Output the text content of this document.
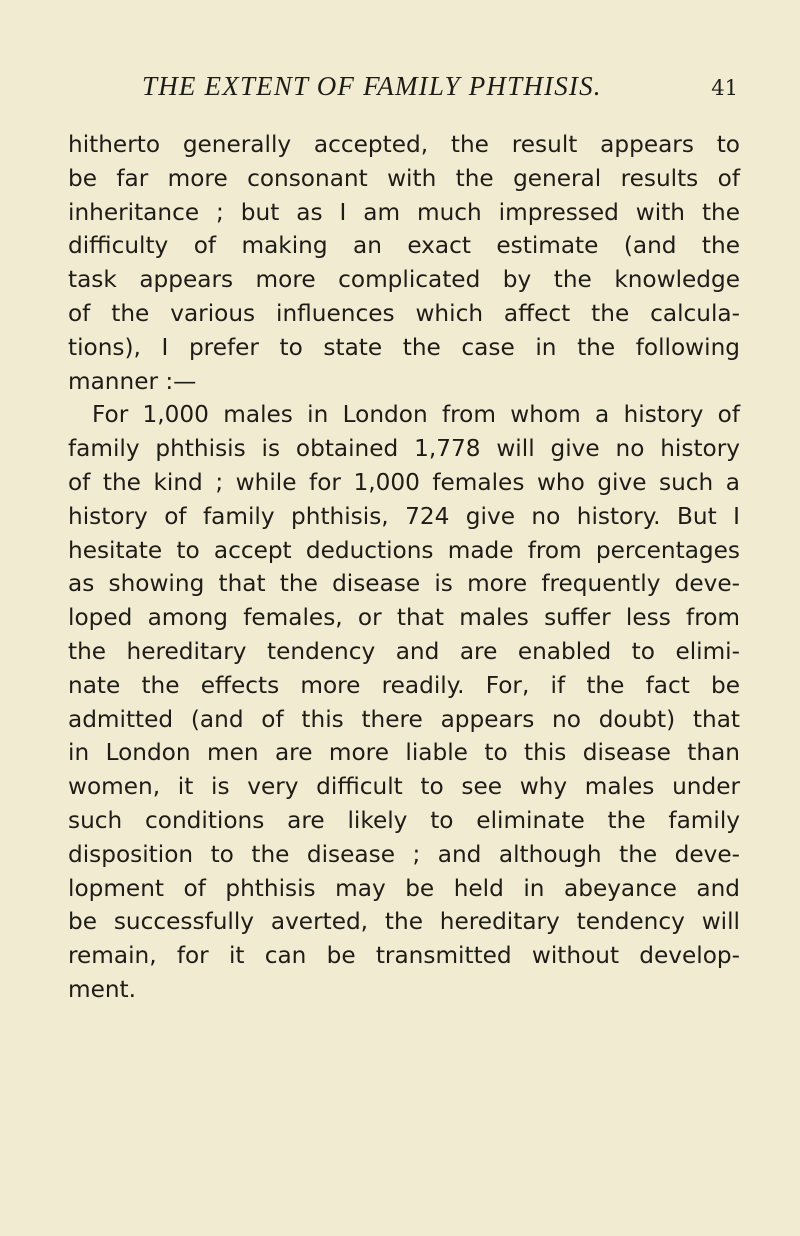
THE EXTENT OF FAMILY PHTHISIS.	41
hitherto generally accepted, the result appears to
be far more consonant with the general results of
inheritance ; but as I am much impressed with the
difficulty of making an exact estimate (and the
task appears more complicated by the knowledge
of the various influences which affect the calcula-
tions), I prefer to state the case in the following
manner :—
For 1,000 males in London from whom a history of
family phthisis is obtained 1,778 will give no history
of the kind ; while for 1,000 females who give such a
history of family phthisis, 724 give no history. But I
hesitate to accept deductions made from percentages
as showing that the disease is more frequently deve-
loped among females, or that males suffer less from
the hereditary tendency and are enabled to elimi-
nate the effects more readily. For, if the fact be
admitted (and of this there appears no doubt) that
in London men are more liable to this disease than
women, it is very difficult to see why males under
such conditions are likely to eliminate the family
disposition to the disease ; and although the deve-
lopment of phthisis may be held in abeyance and
be successfully averted, the hereditary tendency will
remain, for it can be transmitted without develop-
ment.
